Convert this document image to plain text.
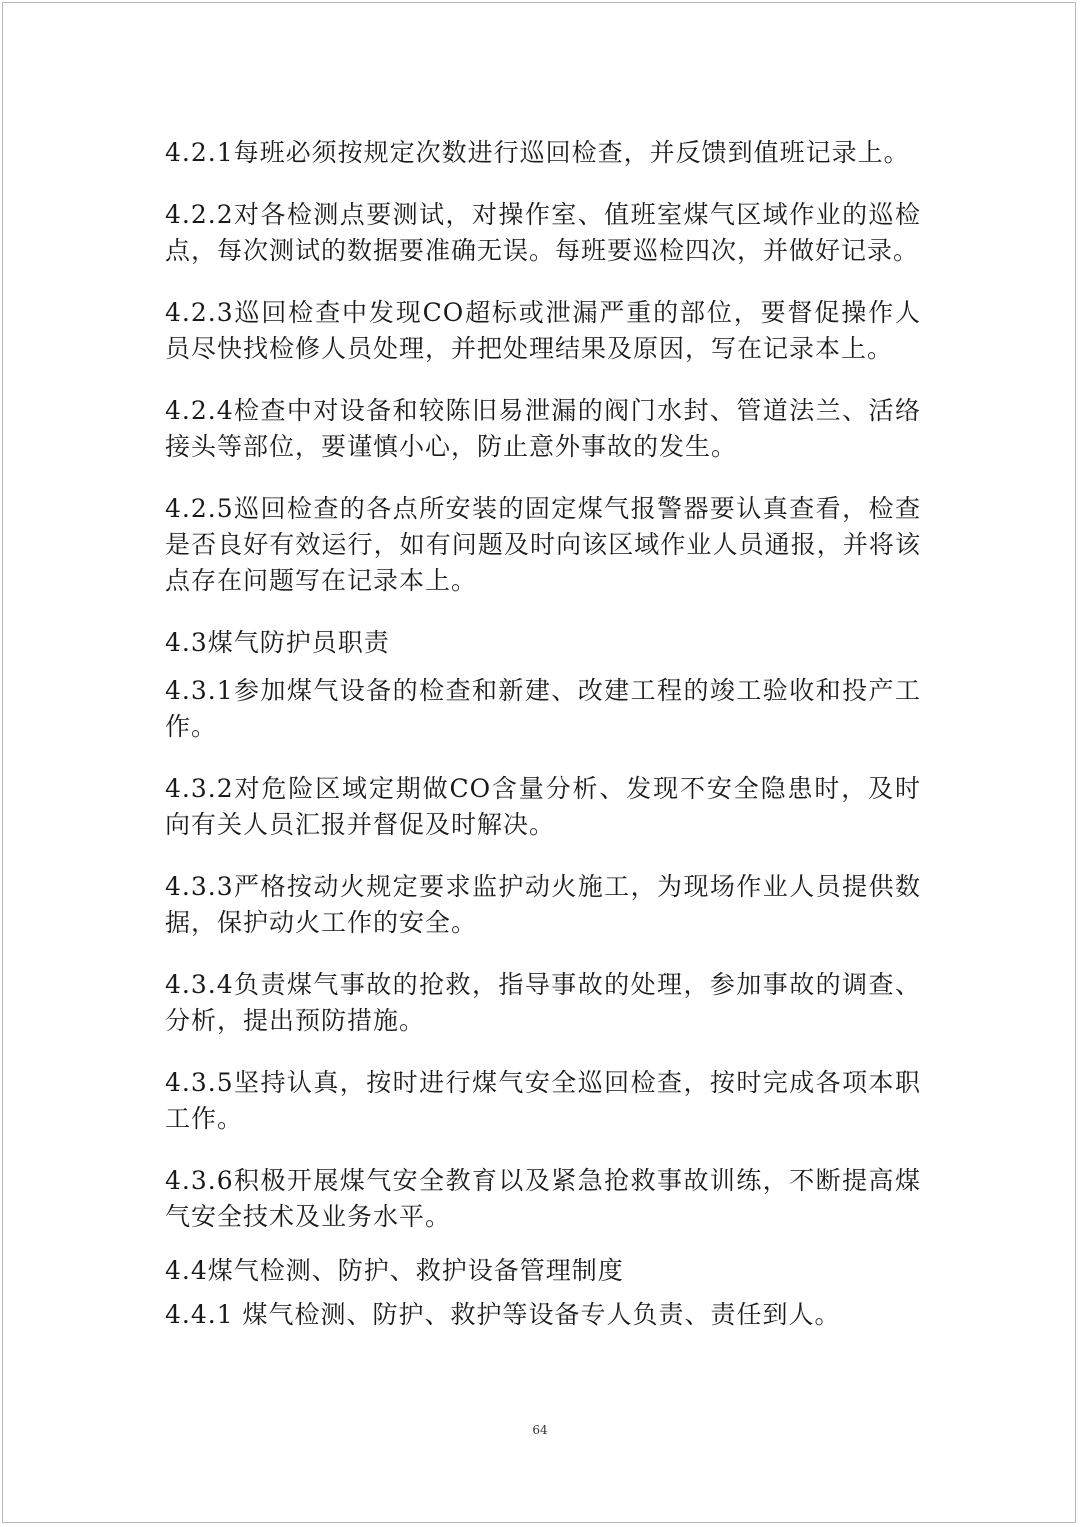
4.2.1每班必须按规定次数进行巡回检查，并反馈到值班记录上。

4.2.2对各检测点要测试，对操作室、值班室煤气区域作业的巡检点，每次测试的数据要准确无误。每班要巡检四次，并做好记录。

4.2.3巡回检查中发现CO超标或泄漏严重的部位，要督促操作人员尽快找检修人员处理，并把处理结果及原因，写在记录本上。

4.2.4检查中对设备和较陈旧易泄漏的阀门水封、管道法兰、活络接头等部位，要谨慎小心，防止意外事故的发生。

4.2.5巡回检查的各点所安装的固定煤气报警器要认真查看，检查是否良好有效运行，如有问题及时向该区域作业人员通报，并将该点存在问题写在记录本上。

4.3煤气防护员职责

4.3.1参加煤气设备的检查和新建、改建工程的竣工验收和投产工作。

4.3.2对危险区域定期做CO含量分析、发现不安全隐患时，及时向有关人员汇报并督促及时解决。

4.3.3严格按动火规定要求监护动火施工，为现场作业人员提供数据，保护动火工作的安全。

4.3.4负责煤气事故的抢救，指导事故的处理，参加事故的调查、分析，提出预防措施。

4.3.5坚持认真，按时进行煤气安全巡回检查，按时完成各项本职工作。

4.3.6积极开展煤气安全教育以及紧急抢救事故训练，不断提高煤气安全技术及业务水平。

4.4煤气检测、防护、救护设备管理制度

4.4.1 煤气检测、防护、救护等设备专人负责、责任到人。

64
